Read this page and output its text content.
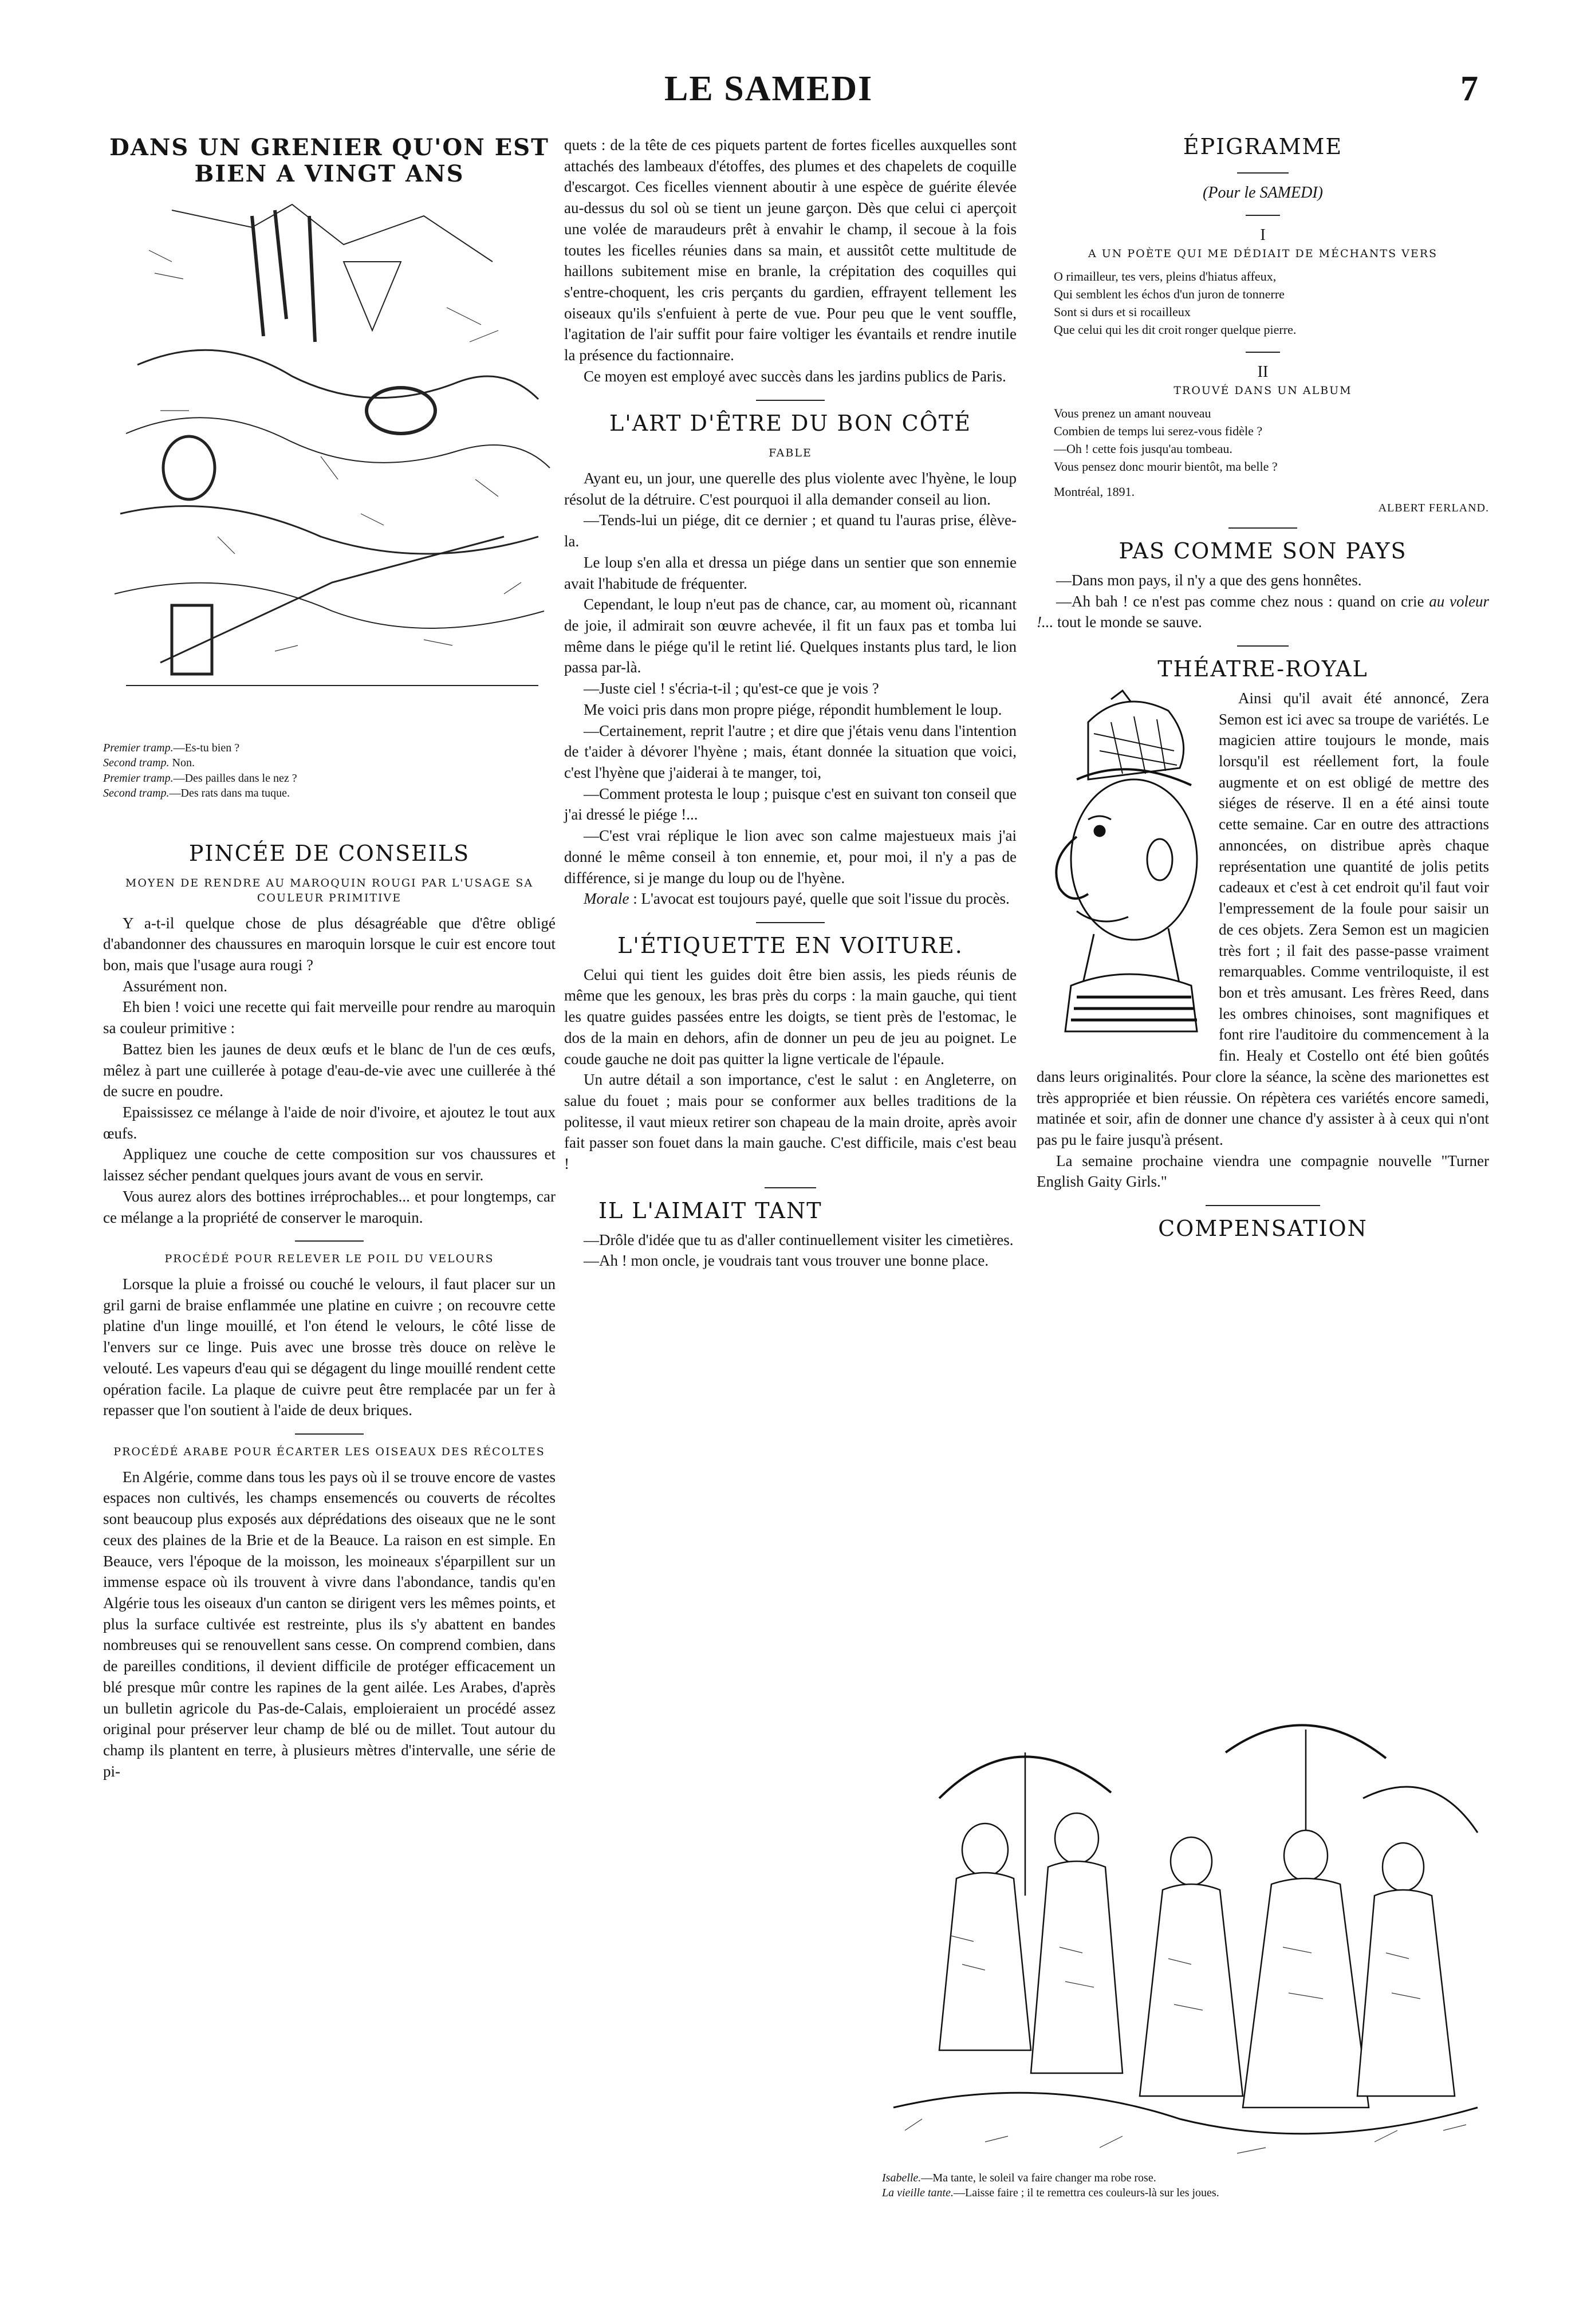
LE SAMEDI	7
DANS UN GRENIER QU'ON EST BIEN A VINGT ANS
Premier tramp.—Es-tu bien ?
Second tramp. Non.
Premier tramp.—Des pailles dans le nez ?
Second tramp.—Des rats dans ma tuque.
PINCÉE DE CONSEILS
MOYEN DE RENDRE AU MAROQUIN ROUGI PAR L'USAGE SA COULEUR PRIMITIVE

Y a-t-il quelque chose de plus désagréable que d'être obligé d'abandonner des chaussures en maroquin lorsque le cuir est encore tout bon, mais que l'usage aura rougi ?

Assurément non.

Eh bien ! voici une recette qui fait merveille pour rendre au maroquin sa couleur primitive :

Battez bien les jaunes de deux œufs et le blanc de l'un de ces œufs, mêlez à part une cuillerée à potage d'eau-de-vie avec une cuillerée à thé de sucre en poudre.

Epaississez ce mélange à l'aide de noir d'ivoire, et ajoutez le tout aux œufs.

Appliquez une couche de cette composition sur vos chaussures et laissez sécher pendant quelques jours avant de vous en servir.

Vous aurez alors des bottines irréprochables... et pour longtemps, car ce mélange a la propriété de conserver le maroquin.

PROCÉDÉ POUR RELEVER LE POIL DU VELOURS

Lorsque la pluie a froissé ou couché le velours, il faut placer sur un gril garni de braise enflammée une platine en cuivre ; on recouvre cette platine d'un linge mouillé, et l'on étend le velours, le côté lisse de l'envers sur ce linge. Puis avec une brosse très douce on relève le velouté. Les vapeurs d'eau qui se dégagent du linge mouillé rendent cette opération facile. La plaque de cuivre peut être remplacée par un fer à repasser que l'on soutient à l'aide de deux briques.

PROCÉDÉ ARABE POUR ÉCARTER LES OISEAUX DES RÉCOLTES

En Algérie, comme dans tous les pays où il se trouve encore de vastes espaces non cultivés, les champs ensemencés ou couverts de récoltes sont beaucoup plus exposés aux déprédations des oiseaux que ne le sont ceux des plaines de la Brie et de la Beauce. La raison en est simple. En Beauce, vers l'époque de la moisson, les moineaux s'éparpillent sur un immense espace où ils trouvent à vivre dans l'abondance, tandis qu'en Algérie tous les oiseaux d'un canton se dirigent vers les mêmes points, et plus la surface cultivée est restreinte, plus ils s'y abattent en bandes nombreuses qui se renouvellent sans cesse. On comprend combien, dans de pareilles conditions, il devient difficile de protéger efficacement un blé presque mûr contre les rapines de la gent ailée. Les Arabes, d'après un bulletin agricole du Pas-de-Calais, emploieraient un procédé assez original pour préserver leur champ de blé ou de millet. Tout autour du champ ils plantent en terre, à plusieurs mètres d'intervalle, une série de pi-

quets : de la tête de ces piquets partent de fortes ficelles auxquelles sont attachés des lambeaux d'étoffes, des plumes et des chapelets de coquille d'escargot. Ces ficelles viennent aboutir à une espèce de guérite élevée au-dessus du sol où se tient un jeune garçon. Dès que celui ci aperçoit une volée de maraudeurs prêt à envahir le champ, il secoue à la fois toutes les ficelles réunies dans sa main, et aussitôt cette multitude de haillons subitement mise en branle, la crépitation des coquilles qui s'entre-choquent, les cris perçants du gardien, effrayent tellement les oiseaux qu'ils s'enfuient à perte de vue. Pour peu que le vent souffle, l'agitation de l'air suffit pour faire voltiger les évantails et rendre inutile la présence du factionnaire.

Ce moyen est employé avec succès dans les jardins publics de Paris.

L'ART D'ÊTRE DU BON CÔTÉ
FABLE

Ayant eu, un jour, une querelle des plus violente avec l'hyène, le loup résolut de la détruire. C'est pourquoi il alla demander conseil au lion.

—Tends-lui un piége, dit ce dernier ; et quand tu l'auras prise, élève-la.

Le loup s'en alla et dressa un piége dans un sentier que son ennemie avait l'habitude de fréquenter.

Cependant, le loup n'eut pas de chance, car, au moment où, ricannant de joie, il admirait son œuvre achevée, il fit un faux pas et tomba lui même dans le piége qu'il le retint lié. Quelques instants plus tard, le lion passa par-là.

—Juste ciel ! s'écria-t-il ; qu'est-ce que je vois ?

Me voici pris dans mon propre piége, répondit humblement le loup.

—Certainement, reprit l'autre ; et dire que j'étais venu dans l'intention de t'aider à dévorer l'hyène ; mais, étant donnée la situation que voici, c'est l'hyène que j'aiderai à te manger, toi,

—Comment protesta le loup ; puisque c'est en suivant ton conseil que j'ai dressé le piége !...

—C'est vrai réplique le lion avec son calme majestueux mais j'ai donné le même conseil à ton ennemie, et, pour moi, il n'y a pas de différence, si je mange du loup ou de l'hyène.

Morale : L'avocat est toujours payé, quelle que soit l'issue du procès.

L'ÉTIQUETTE EN VOITURE.

Celui qui tient les guides doit être bien assis, les pieds réunis de même que les genoux, les bras près du corps : la main gauche, qui tient les quatre guides passées entre les doigts, se tient près de l'estomac, le dos de la main en dehors, afin de donner un peu de jeu au poignet. Le coude gauche ne doit pas quitter la ligne verticale de l'épaule.

Un autre détail a son importance, c'est le salut : en Angleterre, on salue du fouet ; mais pour se conformer aux belles traditions de la politesse, il vaut mieux retirer son chapeau de la main droite, après avoir fait passer son fouet dans la main gauche. C'est difficile, mais c'est beau !

IL L'AIMAIT TANT

—Drôle d'idée que tu as d'aller continuellement visiter les cimetières.

—Ah ! mon oncle, je voudrais tant vous trouver une bonne place.

ÉPIGRAMME
(Pour le SAMEDI)
I
A UN POÈTE QUI ME DÉDIAIT DE MÉCHANTS VERS
O rimailleur, tes vers, pleins d'hiatus affeux,
Qui semblent les échos d'un juron de tonnerre
Sont si durs et si rocailleux
Que celui qui les dit croit ronger quelque pierre.
II
TROUVÉ DANS UN ALBUM
Vous prenez un amant nouveau
Combien de temps lui serez-vous fidèle ?
—Oh ! cette fois jusqu'au tombeau.
Vous pensez donc mourir bientôt, ma belle ?
Montréal, 1891.
ALBERT FERLAND.
PAS COMME SON PAYS

—Dans mon pays, il n'y a que des gens honnêtes.

—Ah bah ! ce n'est pas comme chez nous : quand on crie au voleur !... tout le monde se sauve.

THÉATRE-ROYAL

Ainsi qu'il avait été annoncé, Zera Semon est ici avec sa troupe de variétés. Le magicien attire toujours le monde, mais lorsqu'il est réellement fort, la foule augmente et on est obligé de mettre des siéges de réserve. Il en a été ainsi toute cette semaine. Car en outre des attractions annoncées, on distribue après chaque représentation une quantité de jolis petits cadeaux et c'est à cet endroit qu'il faut voir l'empressement de la foule pour saisir un de ces objets. Zera Semon est un magicien très fort ; il fait des passe-passe vraiment remarquables. Comme ventriloquiste, il est bon et très amusant. Les frères Reed, dans les ombres chinoises, sont magnifiques et font rire l'auditoire du commencement à la fin. Healy et Costello ont été bien goûtés dans leurs originalités. Pour clore la séance, la scène des marionettes est très appropriée et bien réussie. On répètera ces variétés encore samedi, matinée et soir, afin de donner une chance d'y assister à à ceux qui n'ont pas pu le faire jusqu'à présent.

La semaine prochaine viendra une compagnie nouvelle "Turner English Gaity Girls."

COMPENSATION
Isabelle.—Ma tante, le soleil va faire changer ma robe rose.
La vieille tante.—Laisse faire ; il te remettra ces couleurs-là sur les joues.
